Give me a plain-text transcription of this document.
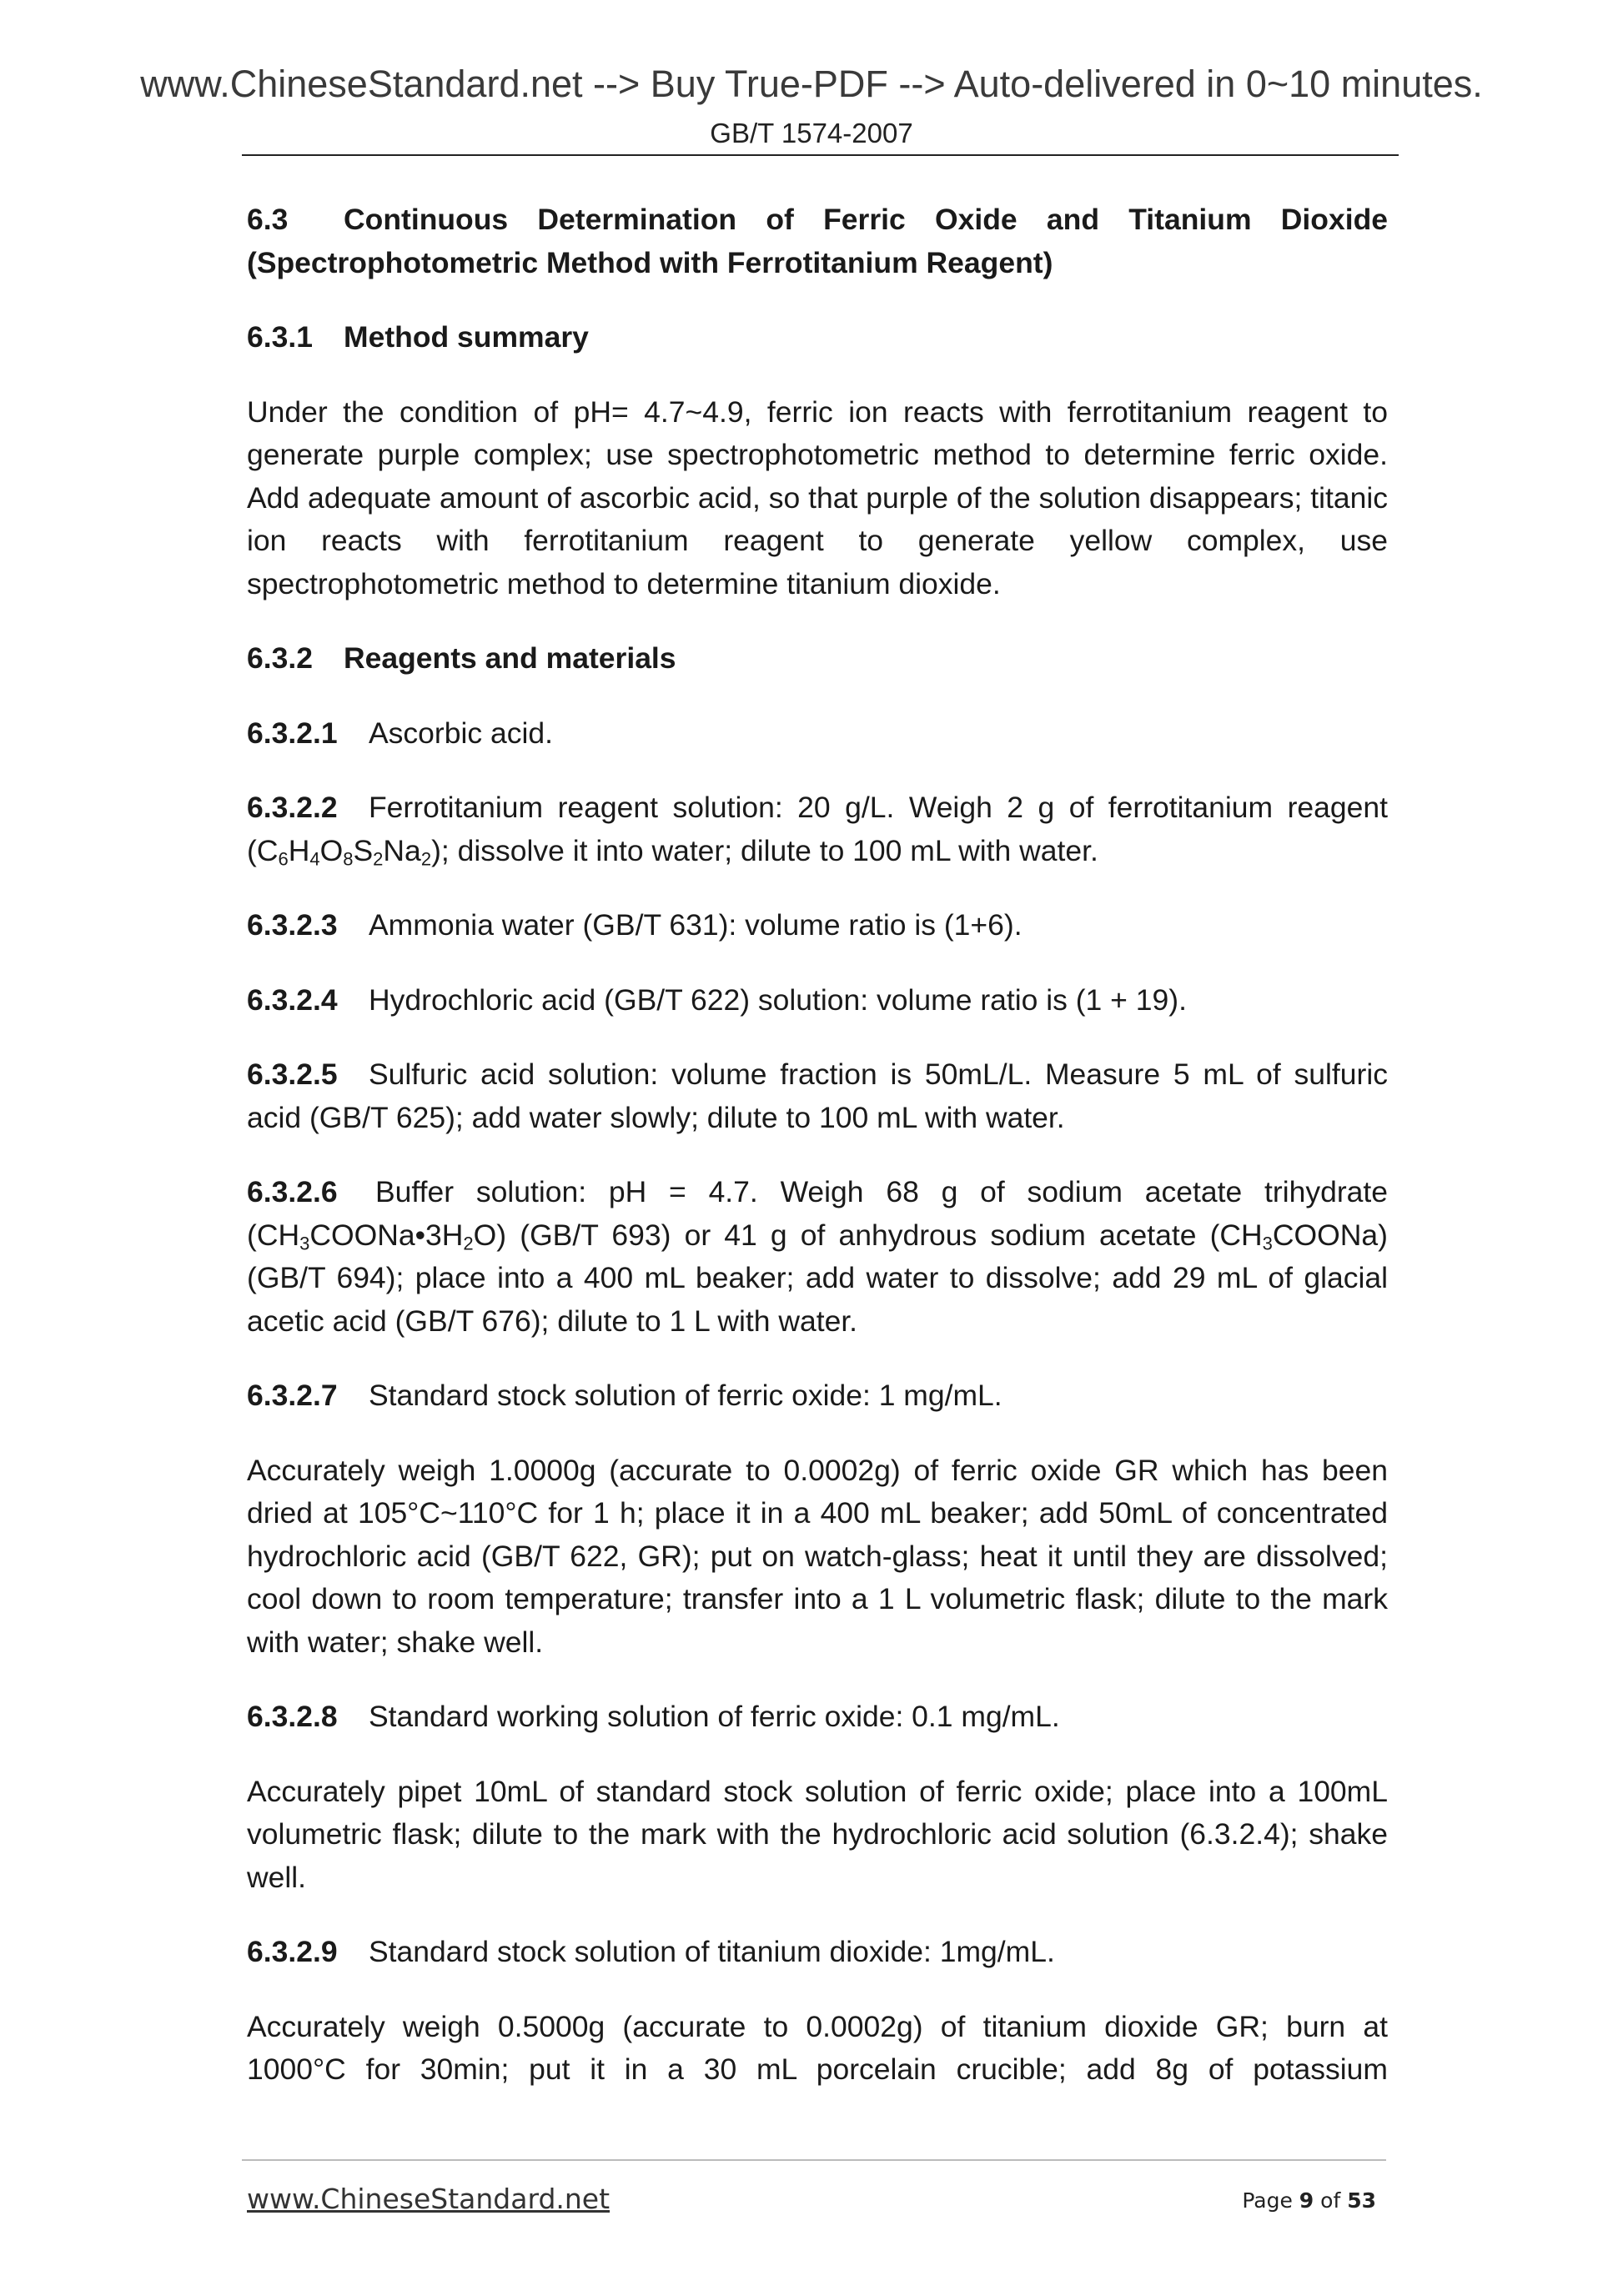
www.ChineseStandard.net --> Buy True-PDF --> Auto-delivered in 0~10 minutes.
GB/T 1574-2007

6.3 Continuous Determination of Ferric Oxide and Titanium Dioxide

(Spectrophotometric Method with Ferrotitanium Reagent)

6.3.1 Method summary

Under the condition of pH= 4.7~4.9, ferric ion reacts with ferrotitanium reagent to generate purple complex; use spectrophotometric method to determine ferric oxide. Add adequate amount of ascorbic acid, so that purple of the solution disappears; titanic ion reacts with ferrotitanium reagent to generate yellow complex, use spectrophotometric method to determine titanium dioxide.

6.3.2 Reagents and materials

6.3.2.1 Ascorbic acid.

6.3.2.2 Ferrotitanium reagent solution: 20 g/L. Weigh 2 g of ferrotitanium reagent

$(C_6H_4O_8S_2Na_2)$; dissolve it into water; dilute to 100 mL with water.

6.3.2.3 Ammonia water (GB/T 631): volume ratio is (1+6).

6.3.2.4 Hydrochloric acid (GB/T 622) solution: volume ratio is (1 + 19).

6.3.2.5 Sulfuric acid solution: volume fraction is 50mL/L. Measure 5 mL of sulfuric acid (GB/T 625); add water slowly; dilute to 100 mL with water.

6.3.2.6 Buffer solution: pH = 4.7. Weigh 68 g of sodium acetate trihydrate

$(CH_3COONa•3H_2O)$ (GB/T 693) or 41 g of anhydrous sodium acetate $(CH_3COONa)$

(GB/T 694); place into a 400 mL beaker; add water to dissolve; add 29 mL of glacial acetic acid (GB/T 676); dilute to 1 L with water.

6.3.2.7 Standard stock solution of ferric oxide: 1 mg/mL.

Accurately weigh 1.0000g (accurate to 0.0002g) of ferric oxide GR which has been dried at 105°C~110°C for 1 h; place it in a 400 mL beaker; add 50mL of concentrated hydrochloric acid (GB/T 622, GR); put on watch-glass; heat it until they are dissolved; cool down to room temperature; transfer into a 1 L volumetric flask; dilute to the mark with water; shake well.

6.3.2.8 Standard working solution of ferric oxide: 0.1 mg/mL.

Accurately pipet 10mL of standard stock solution of ferric oxide; place into a 100mL volumetric flask; dilute to the mark with the hydrochloric acid solution (6.3.2.4); shake well.

6.3.2.9 Standard stock solution of titanium dioxide: 1mg/mL.

Accurately weigh 0.5000g (accurate to 0.0002g) of titanium dioxide GR; burn at 1000°C for 30min; put it in a 30 mL porcelain crucible; add 8g of potassium

www.ChineseStandard.net	Page 9 of 53
